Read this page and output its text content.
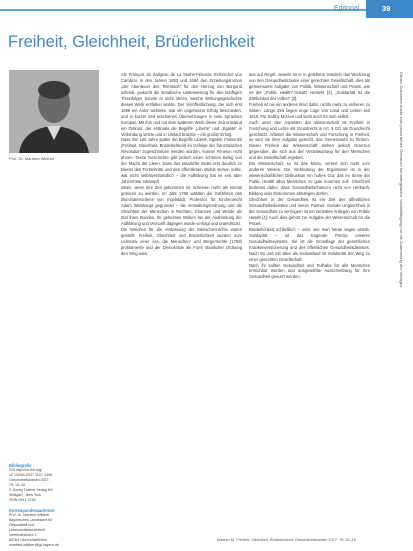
Editorial	39
Freiheit, Gleichheit, Brüderlichkeit
Prof. Dr. Manfred Wildner

Bibliografie

DOI http://dx.doi.org/

10.1055/s-0037-1107-1456

Gesundheitswesen 2017;

79: 15–16

© Georg Thieme Verlag KG

Stuttgart · New York

ISSN 0941-3790

Korrespondenzadresse

Prof. Dr. Manfred Wildner

Bayerisches Landesamt für

Gesundheit und

Lebensmittelsicherheit

Veterinärstraße 2

85764 Oberschleißheim

manfred.wildner@lgl.bayern.de

Als François de Salignac de La Mothe-Fénelon, Erzbischof von Cambrai, in den Jahren 1693 und 1694 den Erziehungsroman „Die Abenteuer des Telemach“ für den Herzog von Burgund schrieb, gedacht als moralische Unterweisung für den künftigen Thronfolger, konnte er nicht ahnen, welche Wirkungsgeschichte dieses Werk entfalten würde. Der Veröffentlichung, der sich erst 1699 ein Autor widmete, war ein ungeheurer Erfolg beschieden, und in kurzer Zeit erschienen Übersetzungen in viele Sprachen Europas. Mit ihm und mit dem späteren Werk dieser Zeit entstand ein Diskurs, der erstmals die Begriffe „Liberté“ und „Égalité“ in Verbindung setzte und in Umlauf brachte – ein großer Erfolg.

Dass ihm 100 Jahre später die Begriffe Liberté, Egalité, Fraternité (Freiheit, Gleichheit, Brüderlichkeit) im Gefolge der französischen Revolution zugeschrieben werden würden, konnte Fénelon nicht ahnen. Diese Geschichte gibt jedoch einen schönen Beleg von der Macht der Ideen. Dass das staatliche Motto erst deutlich im Dienst des Fortschritts und des öffentlichen Wohls stehen sollte, war nicht selbstverständlich – die Aufklärung hat es erst über Jahrzehnte erkämpft.

Ideen, wenn ihre Zeit gekommen ist, scheinen mehr als einmal geboren zu werden. Im Jahr 1789 wählten die Gefährten des Illuminatenordens von Ingolstadt, Professor für Kirchenrecht Adam Weishaupt gegründet – die Verwaltungsordnung und die Gleichheit der Menschen in Rechten, Chancen und Würde als Ziel ihres Bundes. Ihr geheimes Wirken bei der Ausbreitung der Aufklärung und Vernunft dagegen wurde verfolgt und unterdrückt.

Die Weichen für die Verfassung der Menschenrechte waren gestellt: Freiheit, Gleichheit und Brüderlichkeit wurden zum Leitmotiv einer Ära, die Menschen- und Bürgerrechte (1789) proklamierte und der Demokratie als Form staatlicher Ordnung den Weg wies.

aus auf Regel. Jeweils ist er in gelebtem Handeln das Werkzeug von den Gesundheitszielen einer gerechten Gesellschaft, dies als gemeinsame Aufgabe von Politik, Wissenschaft und Praxis, wie es der „Public Health“-Ansatz versteht [2]. „Solidarität ist die Zärtlichkeit der Völker“ [3].

Freiheit ist nie ein anderes Wort dafür, nichts mehr zu verlieren zu haben. Lange Zeit liegen enge Lage von Land und Leben seit 1810. Für Bobby McGee und wohl auch für sich selbst.

Auch unter den Aspekten der Wissenschaft ist Freiheit in Forschung und Lehre als Grundrecht in Art. 5 GG als Grundrecht geschützt. Arbeitet die Wissenschaft und Forschung in Freiheit, so wird sie ihrer Aufgabe gerecht, das Gemeinwohl zu fördern. Dieser Freiheit der Wissenschaft stehen jedoch Grenzen gegenüber, die sich aus der Verantwortung für den Menschen und die Gesellschaft ergeben.

Die Wissenschaft, so ist das Motto, verliert sich nicht vom anderen Wesen. Die Verbreitung der Ergebnisse ist in der wissenschaftlichen Diskussion ein hohes Gut, das im Sinne der Public Health allen Menschen zu gute kommen soll. Gleichheit bedeutet dabei, dass Gesundheitschancen nicht von Herkunft, Bildung oder Einkommen abhängen dürfen.

Gleichheit in der Gesundheit ist ein Ziel des öffentlichen Gesundheitsdienstes und seiner Partner. Soziale Ungleichheit in der Gesundheit zu verringern ist ein zentrales Anliegen von Public Health [4]. Auch dies gehört zur Aufgabe der Wissenschaft für die Praxis.

Brüderlichkeit schließlich – oder, wie man heute sagen würde, Solidarität – ist das tragende Prinzip unseres Gesundheitssystems. Sie ist die Grundlage der gesetzlichen Krankenversicherung und des öffentlichen Gesundheitsdienstes. Nach 50 und mit allen als Heimatland ist Solidarität der Weg zu einer gerechten Gesellschaft.

Nach ihr sollten Gesundheit und Teilhabe für alle Menschen erreichbar werden und ausgewählte Ausschreibung für ihre Gesundheit genutzt werden.	Dieses Dokument wurde zum persönlichen Gebrauch heruntergeladen. Vervielfältigung nur mit Zustimmung des Verlages.
Wildner M. Freiheit, Gleichheit, Brüderlichkeit. Gesundheitswesen 2017; 79: 15–16
